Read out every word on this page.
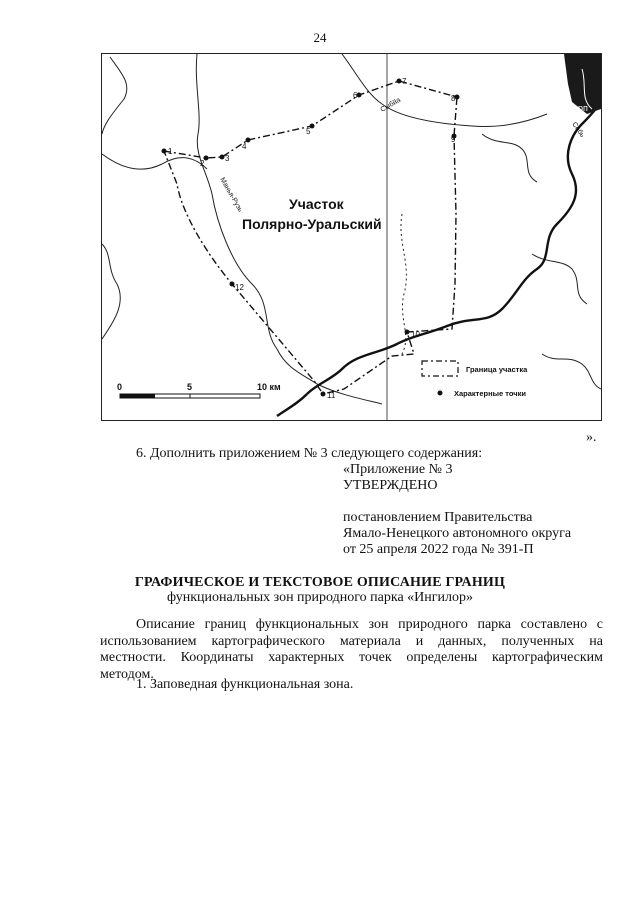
24
1
2
3
4
5
6
7
8
9
10
11
12
Участок
Полярно-Уральский
Манья-Рузь
Сыбйа
Собь
Харп
0	5	10 км
Граница участка
Характерные точки
».
6. Дополнить приложением № 3 следующего содержания:
«Приложение № 3
УТВЕРЖДЕНО
постановлением Правительства
Ямало-Ненецкого автономного округа
от 25 апреля 2022 года № 391-П
ГРАФИЧЕСКОЕ И ТЕКСТОВОЕ ОПИСАНИЕ ГРАНИЦ
функциональных зон природного парка «Ингилор»
Описание границ функциональных зон природного парка составлено с использованием картографического материала и данных, полученных на местности. Координаты характерных точек определены картографическим методом.
1. Заповедная функциональная зона.
